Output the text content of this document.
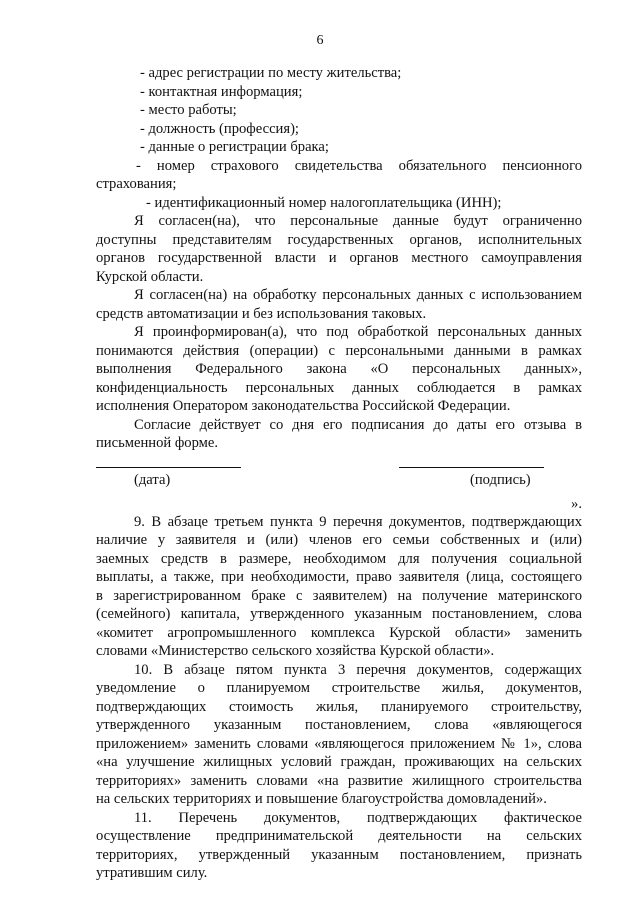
6
- адрес регистрации по месту жительства;
- контактная информация;
- место работы;
- должность (профессия);
- данные о регистрации брака;
- номер страхового свидетельства обязательного пенсионного
страхования;
- идентификационный номер налогоплательщика (ИНН);
Я согласен(на), что персональные данные будут ограниченно
доступны представителям государственных органов, исполнительных
органов государственной власти и органов местного самоуправления
Курской области.
Я согласен(на) на обработку персональных данных с использованием
средств автоматизации и без использования таковых.
Я проинформирован(а), что под обработкой персональных данных
понимаются действия (операции) с персональными данными в рамках
выполнения Федерального закона «О персональных данных»,
конфиденциальность персональных данных соблюдается в рамках
исполнения Оператором законодательства Российской Федерации.
Согласие действует со дня его подписания до даты его отзыва в
письменной форме.
(дата)	(подпись)
».
9. В абзаце третьем пункта 9 перечня документов, подтверждающих
наличие у заявителя и (или) членов его семьи собственных и (или)
заемных средств в размере, необходимом для получения социальной
выплаты, а также, при необходимости, право заявителя (лица, состоящего
в зарегистрированном браке с заявителем) на получение материнского
(семейного) капитала, утвержденного указанным постановлением, слова
«комитет агропромышленного комплекса Курской области» заменить
словами «Министерство сельского хозяйства Курской области».
10. В абзаце пятом пункта 3 перечня документов, содержащих
уведомление о планируемом строительстве жилья, документов,
подтверждающих стоимость жилья, планируемого строительству,
утвержденного указанным постановлением, слова «являющегося
приложением» заменить словами «являющегося приложением № 1», слова
«на улучшение жилищных условий граждан, проживающих на сельских
территориях» заменить словами «на развитие жилищного строительства
на сельских территориях и повышение благоустройства домовладений».
11. Перечень документов, подтверждающих фактическое
осуществление предпринимательской деятельности на сельских
территориях, утвержденный указанным постановлением, признать
утратившим силу.
